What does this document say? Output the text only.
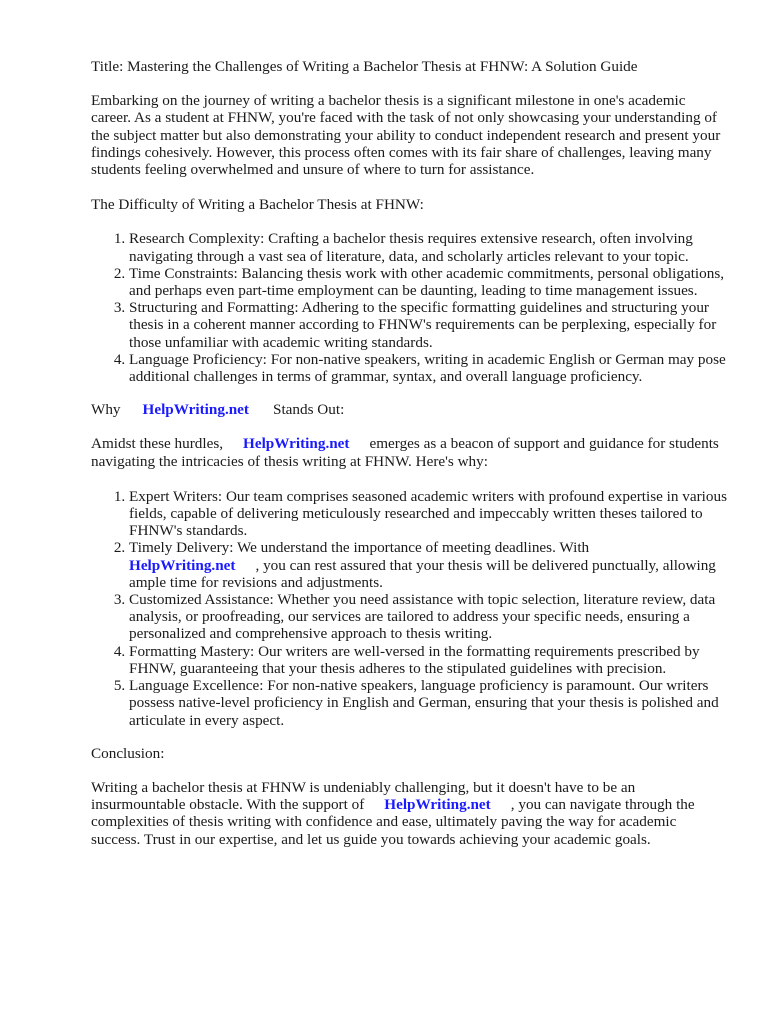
Title: Mastering the Challenges of Writing a Bachelor Thesis at FHNW: A Solution Guide

Embarking on the journey of writing a bachelor thesis is a significant milestone in one's academic career. As a student at FHNW, you're faced with the task of not only showcasing your understanding of the subject matter but also demonstrating your ability to conduct independent research and present your findings cohesively. However, this process often comes with its fair share of challenges, leaving many students feeling overwhelmed and unsure of where to turn for assistance.

The Difficulty of Writing a Bachelor Thesis at FHNW:

1. Research Complexity: Crafting a bachelor thesis requires extensive research, often involving navigating through a vast sea of literature, data, and scholarly articles relevant to your topic.
2. Time Constraints: Balancing thesis work with other academic commitments, personal obligations, and perhaps even part-time employment can be daunting, leading to time management issues.
3. Structuring and Formatting: Adhering to the specific formatting guidelines and structuring your thesis in a coherent manner according to FHNW's requirements can be perplexing, especially for those unfamiliar with academic writing standards.
4. Language Proficiency: For non-native speakers, writing in academic English or German may pose additional challenges in terms of grammar, syntax, and overall language proficiency.

Why HelpWriting.net Stands Out:

Amidst these hurdles, HelpWriting.net emerges as a beacon of support and guidance for students navigating the intricacies of thesis writing at FHNW. Here's why:

1. Expert Writers: Our team comprises seasoned academic writers with profound expertise in various fields, capable of delivering meticulously researched and impeccably written theses tailored to FHNW's standards.
2. Timely Delivery: We understand the importance of meeting deadlines. With
HelpWriting.net , you can rest assured that your thesis will be delivered punctually, allowing ample time for revisions and adjustments.
3. Customized Assistance: Whether you need assistance with topic selection, literature review, data analysis, or proofreading, our services are tailored to address your specific needs, ensuring a personalized and comprehensive approach to thesis writing.
4. Formatting Mastery: Our writers are well-versed in the formatting requirements prescribed by FHNW, guaranteeing that your thesis adheres to the stipulated guidelines with precision.
5. Language Excellence: For non-native speakers, language proficiency is paramount. Our writers possess native-level proficiency in English and German, ensuring that your thesis is polished and articulate in every aspect.

Conclusion:

Writing a bachelor thesis at FHNW is undeniably challenging, but it doesn't have to be an insurmountable obstacle. With the support of HelpWriting.net , you can navigate through the complexities of thesis writing with confidence and ease, ultimately paving the way for academic success. Trust in our expertise, and let us guide you towards achieving your academic goals.
